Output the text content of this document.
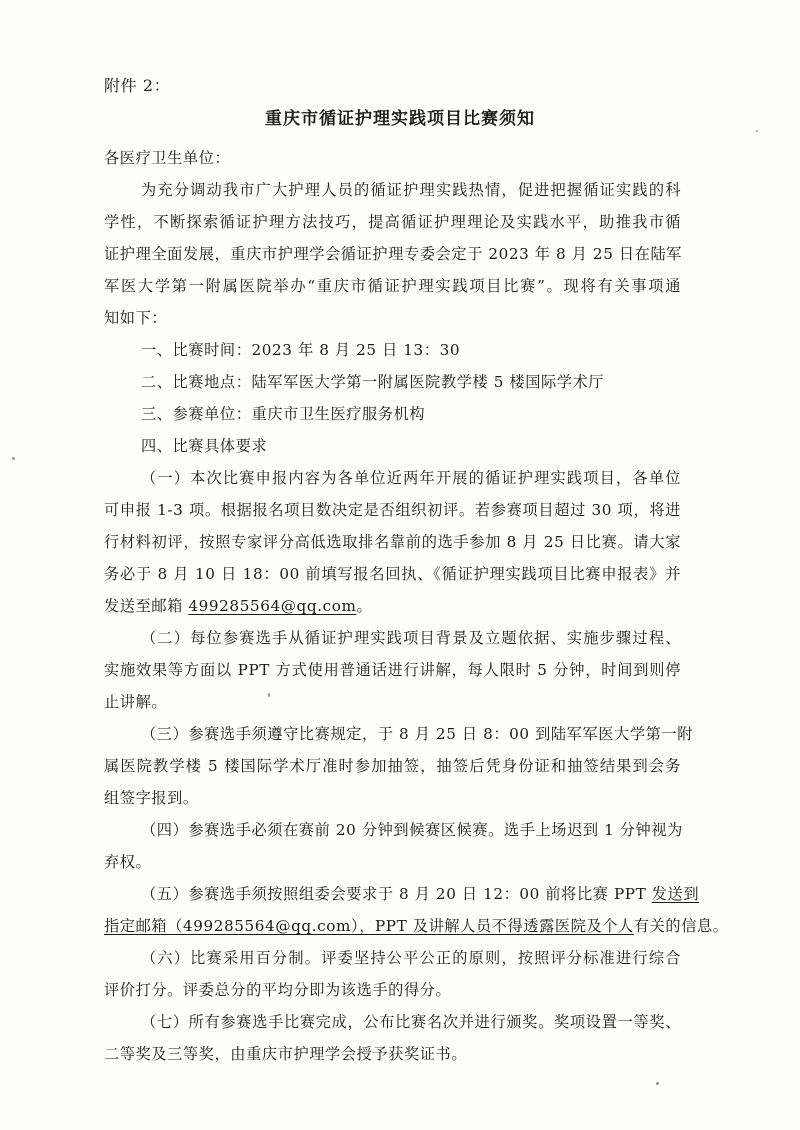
附件 2：
重庆市循证护理实践项目比赛须知
各医疗卫生单位：
为充分调动我市广大护理人员的循证护理实践热情，促进把握循证实践的科
学性，不断探索循证护理方法技巧，提高循证护理理论及实践水平，助推我市循
证护理全面发展，重庆市护理学会循证护理专委会定于 2023 年 8 月 25 日在陆军
军医大学第一附属医院举办“重庆市循证护理实践项目比赛”。现将有关事项通
知如下：
一、比赛时间：2023 年 8 月 25 日 13：30
二、比赛地点：陆军军医大学第一附属医院教学楼 5 楼国际学术厅
三、参赛单位：重庆市卫生医疗服务机构
四、比赛具体要求
（一）本次比赛申报内容为各单位近两年开展的循证护理实践项目，各单位
可申报 1-3 项。根据报名项目数决定是否组织初评。若参赛项目超过 30 项，将进
行材料初评，按照专家评分高低选取排名靠前的选手参加 8 月 25 日比赛。请大家
务必于 8 月 10 日 18：00 前填写报名回执、《循证护理实践项目比赛申报表》并
发送至邮箱 499285564@qq.com。
（二）每位参赛选手从循证护理实践项目背景及立题依据、实施步骤过程、
实施效果等方面以 PPT 方式使用普通话进行讲解，每人限时 5 分钟，时间到则停
止讲解。
（三）参赛选手须遵守比赛规定，于 8 月 25 日 8：00 到陆军军医大学第一附
属医院教学楼 5 楼国际学术厅准时参加抽签，抽签后凭身份证和抽签结果到会务
组签字报到。
（四）参赛选手必须在赛前 20 分钟到候赛区候赛。选手上场迟到 1 分钟视为
弃权。
（五）参赛选手须按照组委会要求于 8 月 20 日 12：00 前将比赛 PPT 发送到
指定邮箱（499285564@qq.com），PPT 及讲解人员不得透露医院及个人有关的信息。
（六）比赛采用百分制。评委坚持公平公正的原则，按照评分标准进行综合
评价打分。评委总分的平均分即为该选手的得分。
（七）所有参赛选手比赛完成，公布比赛名次并进行颁奖。奖项设置一等奖、
二等奖及三等奖，由重庆市护理学会授予获奖证书。
